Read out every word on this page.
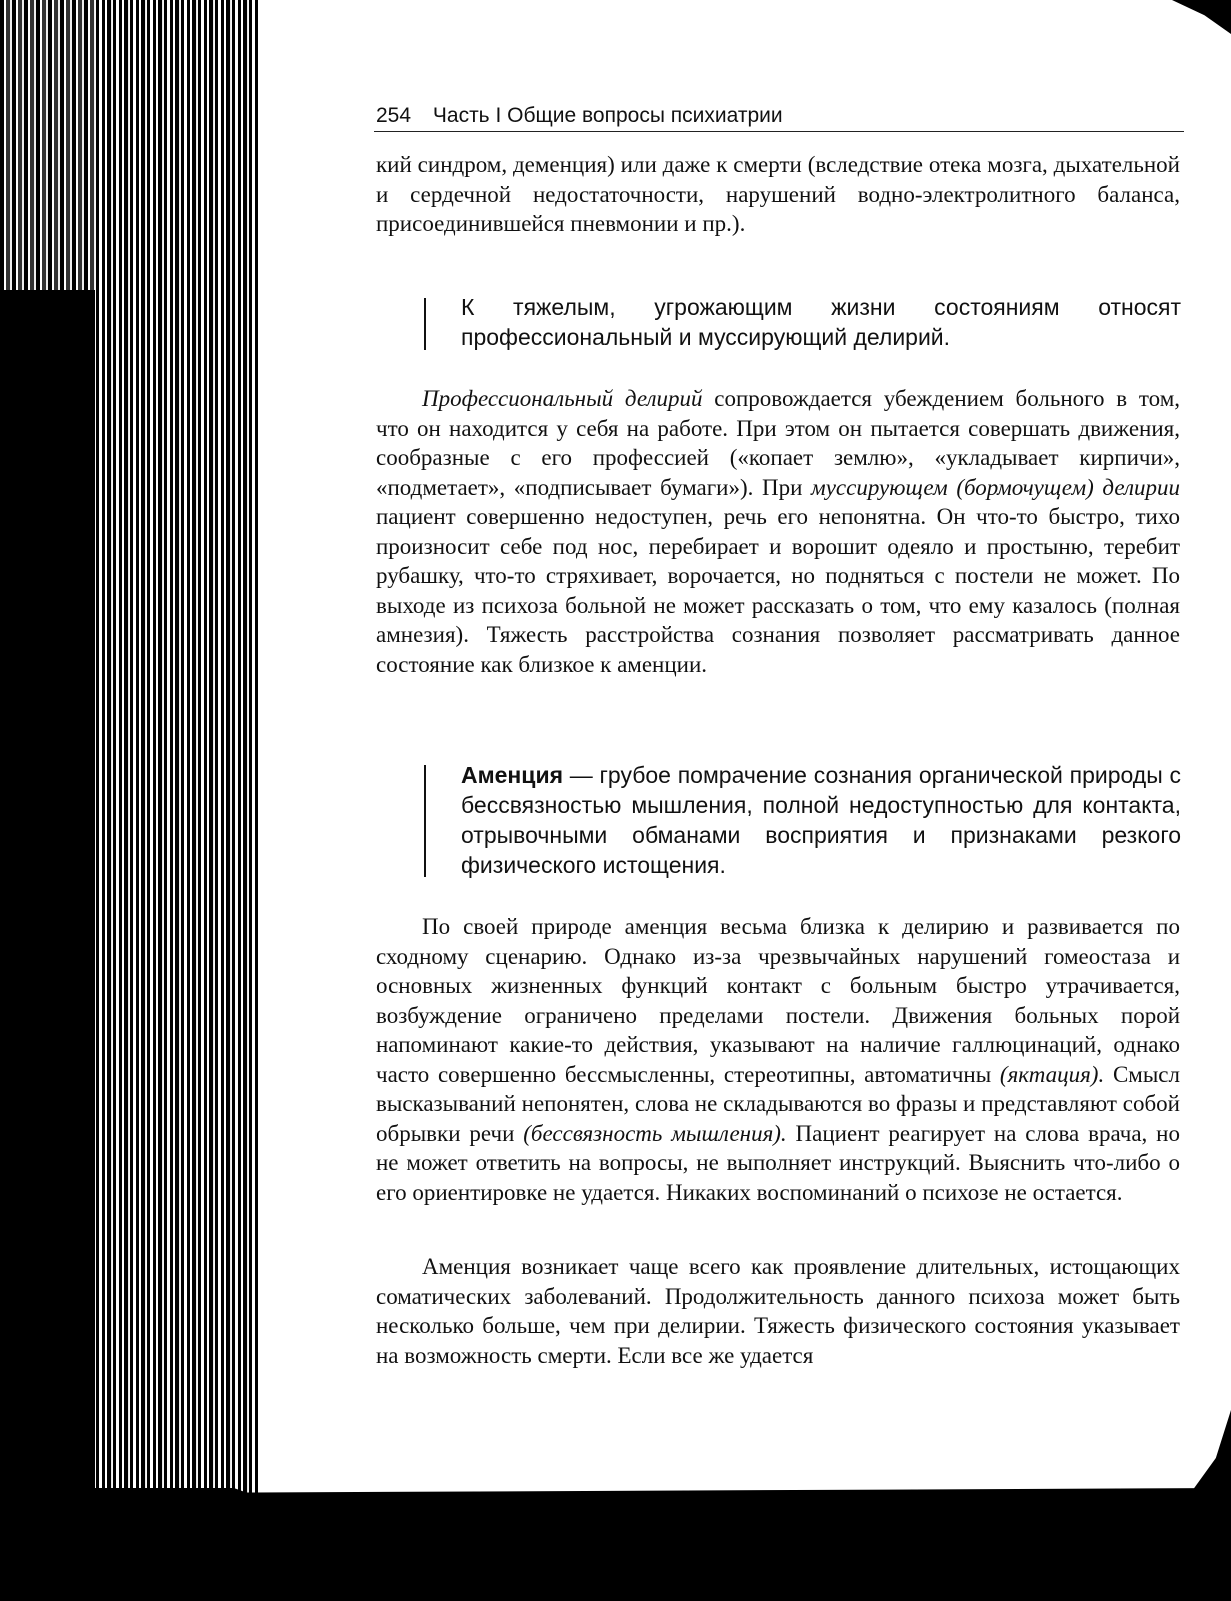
254 Часть I Общие вопросы психиатрии

кий синдром, деменция) или даже к смерти (вследствие отека мозга, дыхательной и сердечной недостаточности, нарушений водно-электролитного баланса, присоединившейся пневмонии и пр.).

К тяжелым, угрожающим жизни состояниям относят профессиональный и муссирующий делирий.

Профессиональный делирий сопровождается убеждением больного в том, что он находится у себя на работе. При этом он пытается совершать движения, сообразные с его профессией («копает землю», «укладывает кирпичи», «подметает», «подписывает бумаги»). При муссирующем (бормочущем) делирии пациент совершенно недоступен, речь его непонятна. Он что-то быстро, тихо произносит себе под нос, перебирает и ворошит одеяло и простыню, теребит рубашку, что-то стряхивает, ворочается, но подняться с постели не может. По выходе из психоза больной не может рассказать о том, что ему казалось (полная амнезия). Тяжесть расстройства сознания позволяет рассматривать данное состояние как близкое к аменции.

Аменция — грубое помрачение сознания органической природы с бессвязностью мышления, полной недоступностью для контакта, отрывочными обманами восприятия и признаками резкого физического истощения.

По своей природе аменция весьма близка к делирию и развивается по сходному сценарию. Однако из-за чрезвычайных нарушений гомеостаза и основных жизненных функций контакт с больным быстро утрачивается, возбуждение ограничено пределами постели. Движения больных порой напоминают какие-то действия, указывают на наличие галлюцинаций, однако часто совершенно бессмысленны, стереотипны, автоматичны (яктация). Смысл высказываний непонятен, слова не складываются во фразы и представляют собой обрывки речи (бессвязность мышления). Пациент реагирует на слова врача, но не может ответить на вопросы, не выполняет инструкций. Выяснить что-либо о его ориентировке не удается. Никаких воспоминаний о психозе не остается.

Аменция возникает чаще всего как проявление длительных, истощающих соматических заболеваний. Продолжительность данного психоза может быть несколько больше, чем при делирии. Тяжесть физического состояния указывает на возможность смерти. Если все же удается
